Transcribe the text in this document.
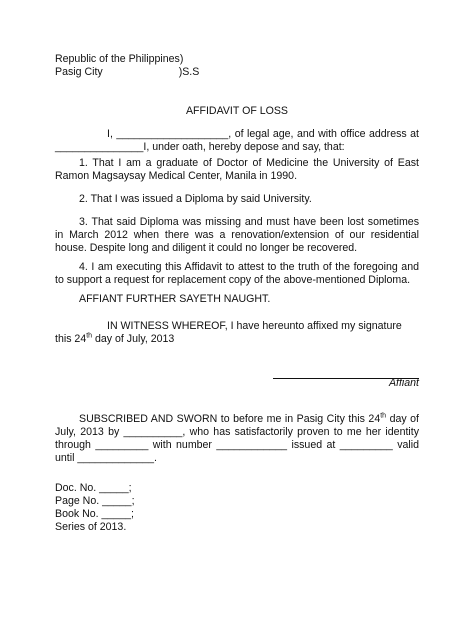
Republic of the Philippines)
Pasig City	)S.S
AFFIDAVIT OF LOSS

I, ___________________, of legal age, and with office address at _______________I, under oath, hereby depose and say, that:

1. That I am a graduate of Doctor of Medicine the University of East Ramon Magsaysay Medical Center, Manila in 1990.

2. That I was issued a Diploma by said University.

3. That said Diploma was missing and must have been lost sometimes in March 2012 when there was a renovation/extension of our residential house. Despite long and diligent it could no longer be recovered.

4. I am executing this Affidavit to attest to the truth of the foregoing and to support a request for replacement copy of the above-mentioned Diploma.

AFFIANT FURTHER SAYETH NAUGHT.

IN WITNESS WHEREOF, I have hereunto affixed my signature this 24th day of July, 2013

Affiant

SUBSCRIBED AND SWORN to before me in Pasig City this 24th day of July, 2013 by __________, who has satisfactorily proven to me her identity through _________ with number ____________ issued at _________ valid until _____________.

Doc. No. _____;
Page No. _____;
Book No. _____;
Series of 2013.
